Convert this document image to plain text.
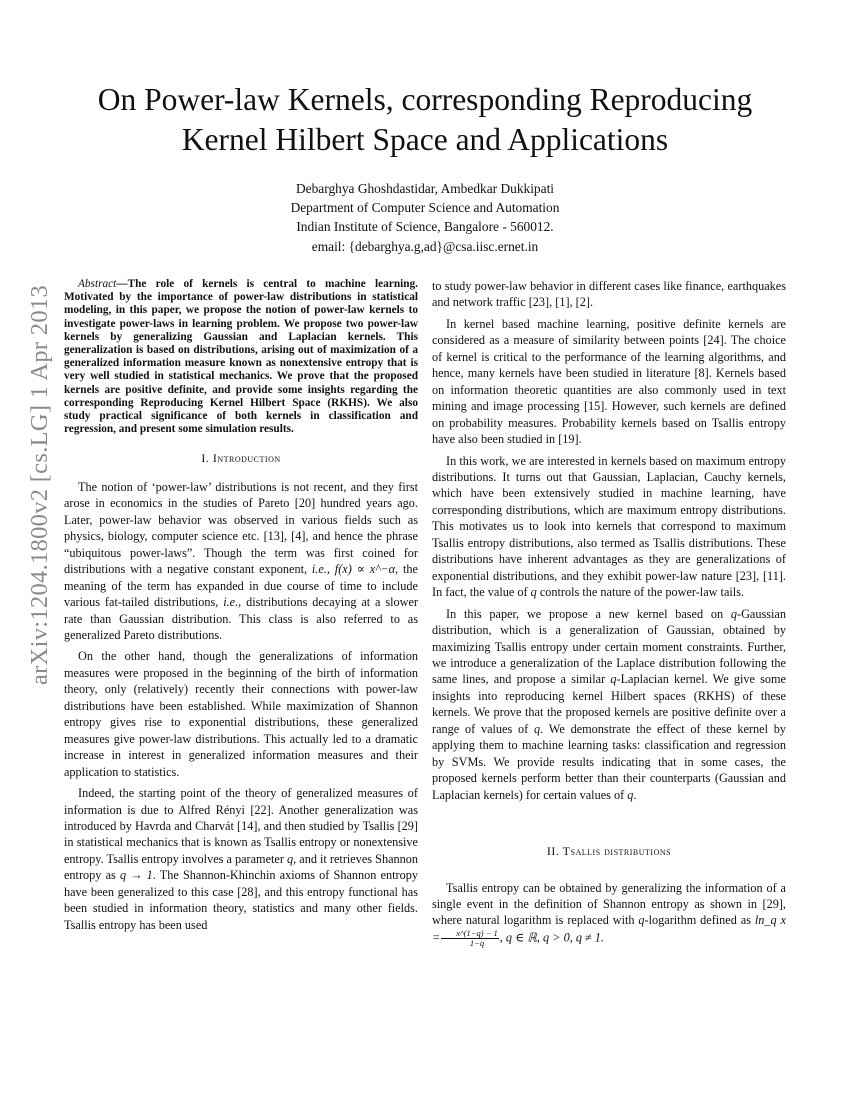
arXiv:1204.1800v2 [cs.LG] 1 Apr 2013
On Power-law Kernels, corresponding Reproducing Kernel Hilbert Space and Applications
Debarghya Ghoshdastidar, Ambedkar Dukkipati
Department of Computer Science and Automation
Indian Institute of Science, Bangalore - 560012.
email: {debarghya.g,ad}@csa.iisc.ernet.in

Abstract—The role of kernels is central to machine learning. Motivated by the importance of power-law distributions in statistical modeling, in this paper, we propose the notion of power-law kernels to investigate power-laws in learning problem. We propose two power-law kernels by generalizing Gaussian and Laplacian kernels. This generalization is based on distributions, arising out of maximization of a generalized information measure known as nonextensive entropy that is very well studied in statistical mechanics. We prove that the proposed kernels are positive definite, and provide some insights regarding the corresponding Reproducing Kernel Hilbert Space (RKHS). We also study practical significance of both kernels in classification and regression, and present some simulation results.

I. Introduction

The notion of ‘power-law’ distributions is not recent, and they first arose in economics in the studies of Pareto [20] hundred years ago. Later, power-law behavior was observed in various fields such as physics, biology, computer science etc. [13], [4], and hence the phrase “ubiquitous power-laws”. Though the term was first coined for distributions with a negative constant exponent, i.e., f(x) ∝ x^−α, the meaning of the term has expanded in due course of time to include various fat-tailed distributions, i.e., distributions decaying at a slower rate than Gaussian distribution. This class is also referred to as generalized Pareto distributions.

On the other hand, though the generalizations of information measures were proposed in the beginning of the birth of information theory, only (relatively) recently their connections with power-law distributions have been established. While maximization of Shannon entropy gives rise to exponential distributions, these generalized measures give power-law distributions. This actually led to a dramatic increase in interest in generalized information measures and their application to statistics.

Indeed, the starting point of the theory of generalized measures of information is due to Alfred Rényi [22]. Another generalization was introduced by Havrda and Charvát [14], and then studied by Tsallis [29] in statistical mechanics that is known as Tsallis entropy or nonextensive entropy. Tsallis entropy involves a parameter q, and it retrieves Shannon entropy as q → 1. The Shannon-Khinchin axioms of Shannon entropy have been generalized to this case [28], and this entropy functional has been studied in information theory, statistics and many other fields. Tsallis entropy has been used

to study power-law behavior in different cases like finance, earthquakes and network traffic [23], [1], [2].

In kernel based machine learning, positive definite kernels are considered as a measure of similarity between points [24]. The choice of kernel is critical to the performance of the learning algorithms, and hence, many kernels have been studied in literature [8]. Kernels based on information theoretic quantities are also commonly used in text mining and image processing [15]. However, such kernels are defined on probability measures. Probability kernels based on Tsallis entropy have also been studied in [19].

In this work, we are interested in kernels based on maximum entropy distributions. It turns out that Gaussian, Laplacian, Cauchy kernels, which have been extensively studied in machine learning, have corresponding distributions, which are maximum entropy distributions. This motivates us to look into kernels that correspond to maximum Tsallis entropy distributions, also termed as Tsallis distributions. These distributions have inherent advantages as they are generalizations of exponential distributions, and they exhibit power-law nature [23], [11]. In fact, the value of q controls the nature of the power-law tails.

In this paper, we propose a new kernel based on q-Gaussian distribution, which is a generalization of Gaussian, obtained by maximizing Tsallis entropy under certain moment constraints. Further, we introduce a generalization of the Laplace distribution following the same lines, and propose a similar q-Laplacian kernel. We give some insights into reproducing kernel Hilbert spaces (RKHS) of these kernels. We prove that the proposed kernels are positive definite over a range of values of q. We demonstrate the effect of these kernel by applying them to machine learning tasks: classification and regression by SVMs. We provide results indicating that in some cases, the proposed kernels perform better than their counterparts (Gaussian and Laplacian kernels) for certain values of q.

II. Tsallis distributions

Tsallis entropy can be obtained by generalizing the information of a single event in the definition of Shannon entropy as shown in [29], where natural logarithm is replaced with q-logarithm defined as ln_q $x = \frac{x\^{}(1-q) - 1}{1-q}$ , q ∈ ℝ, q > 0, q ≠ 1.
